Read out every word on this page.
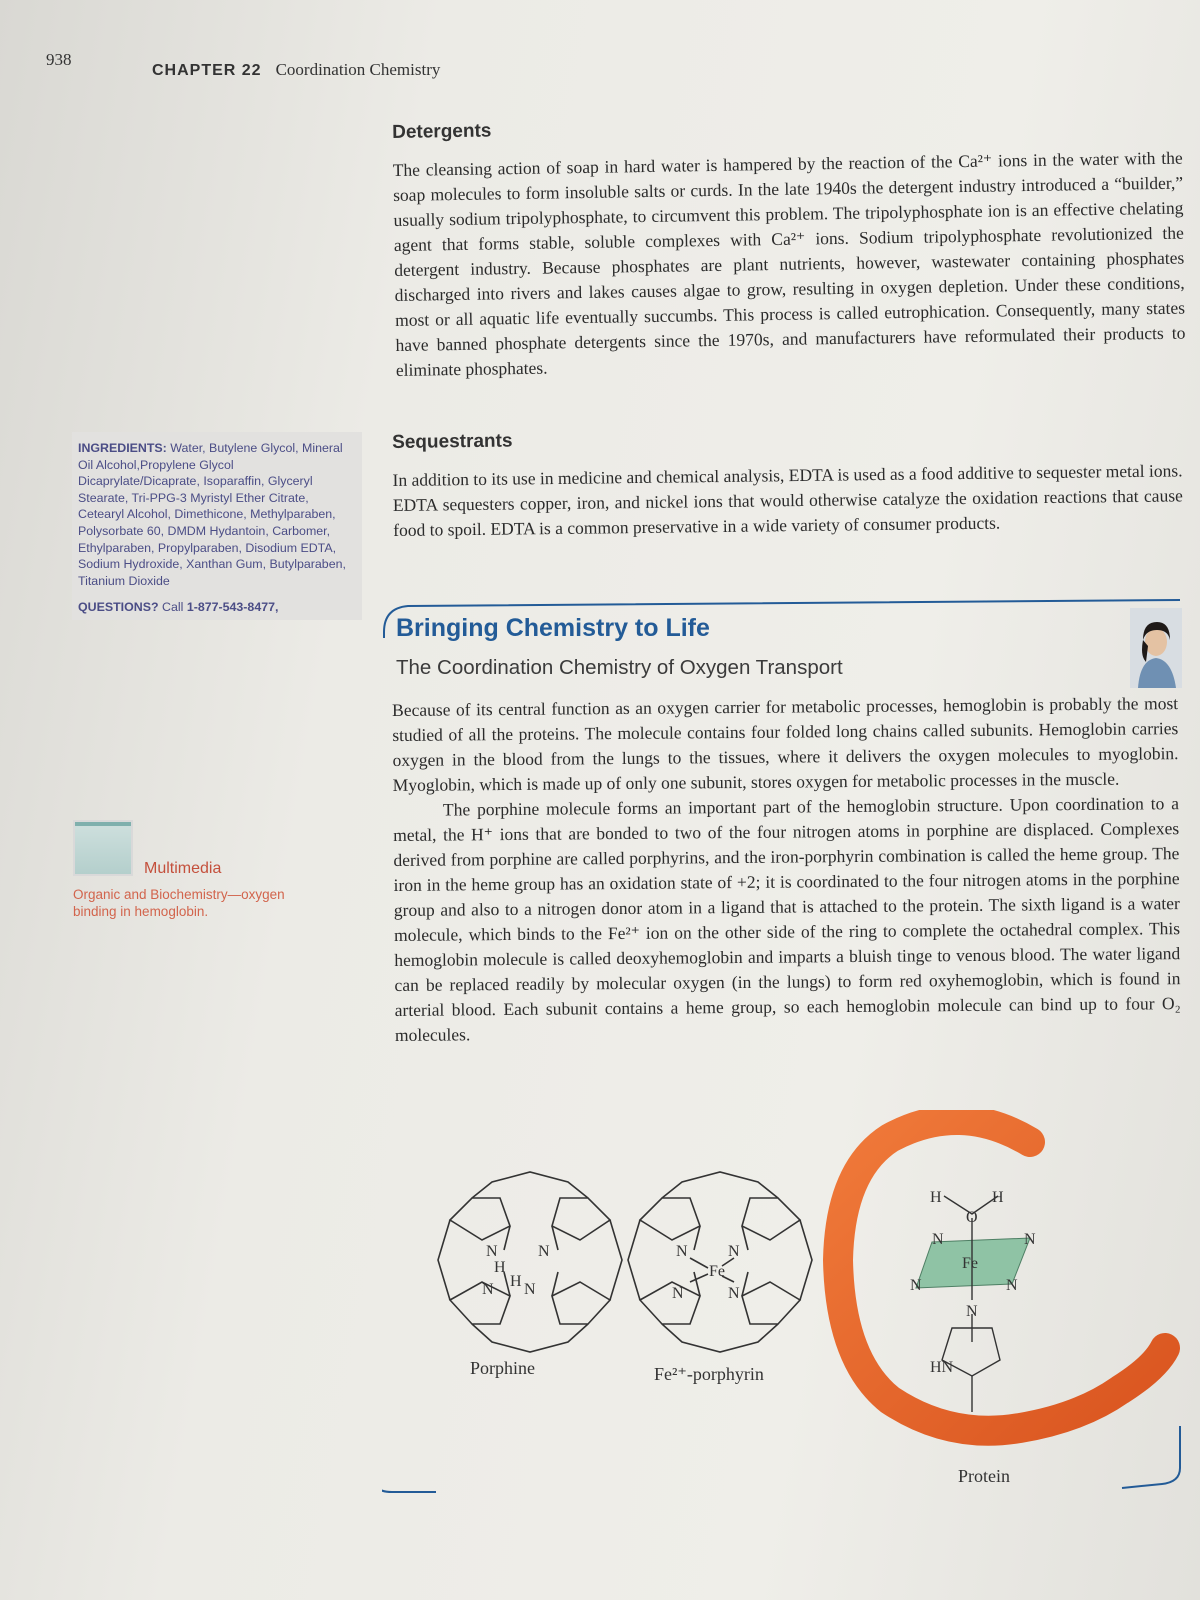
938
CHAPTER 22 Coordination Chemistry
Detergents
The cleansing action of soap in hard water is hampered by the reaction of the Ca²⁺ ions in the water with the soap molecules to form insoluble salts or curds. In the late 1940s the detergent industry introduced a “builder,” usually sodium tripolyphosphate, to circumvent this problem. The tripolyphosphate ion is an effective chelating agent that forms stable, soluble complexes with Ca²⁺ ions. Sodium tripolyphosphate revolutionized the detergent industry. Because phosphates are plant nutrients, however, wastewater containing phosphates discharged into rivers and lakes causes algae to grow, resulting in oxygen depletion. Under these conditions, most or all aquatic life eventually succumbs. This process is called eutrophication. Consequently, many states have banned phosphate detergents since the 1970s, and manufacturers have reformulated their products to eliminate phosphates.
Sequestrants
In addition to its use in medicine and chemical analysis, EDTA is used as a food additive to sequester metal ions. EDTA sequesters copper, iron, and nickel ions that would otherwise catalyze the oxidation reactions that cause food to spoil. EDTA is a common preservative in a wide variety of consumer products.
INGREDIENTS: Water, Butylene Glycol, Mineral Oil Alcohol,Propylene Glycol Dicaprylate/Dicaprate, Isoparaffin, Glyceryl Stearate, Tri-PPG-3 Myristyl Ether Citrate, Cetearyl Alcohol, Dimethicone, Methylparaben, Polysorbate 60, DMDM Hydantoin, Carbomer, Ethylparaben, Propylparaben, Disodium EDTA, Sodium Hydroxide, Xanthan Gum, Butylparaben, Titanium Dioxide
QUESTIONS? Call 1-877-543-8477,
Multimedia
Organic and Biochemistry—oxygen binding in hemoglobin.
Bringing Chemistry to Life
The Coordination Chemistry of Oxygen Transport

Because of its central function as an oxygen carrier for metabolic processes, hemoglobin is probably the most studied of all the proteins. The molecule contains four folded long chains called subunits. Hemoglobin carries oxygen in the blood from the lungs to the tissues, where it delivers the oxygen molecules to myoglobin. Myoglobin, which is made up of only one subunit, stores oxygen for metabolic processes in the muscle.

The porphine molecule forms an important part of the hemoglobin structure. Upon coordination to a metal, the H⁺ ions that are bonded to two of the four nitrogen atoms in porphine are displaced. Complexes derived from porphine are called porphyrins, and the iron-porphyrin combination is called the heme group. The iron in the heme group has an oxidation state of +2; it is coordinated to the four nitrogen atoms in the porphine group and also to a nitrogen donor atom in a ligand that is attached to the protein. The sixth ligand is a water molecule, which binds to the Fe²⁺ ion on the other side of the ring to complete the octahedral complex. This hemoglobin molecule is called deoxyhemoglobin and imparts a bluish tinge to venous blood. The water ligand can be replaced readily by molecular oxygen (in the lungs) to form red oxyhemoglobin, which is found in arterial blood. Each subunit contains a heme group, so each hemoglobin molecule can bind up to four O₂ molecules.

N
H
N
N H N
Porphine
N	N
Fe
N	N
Fe²⁺-porphyrin
H	H
O
N	N
Fe
N	N
N
HN
Protein
